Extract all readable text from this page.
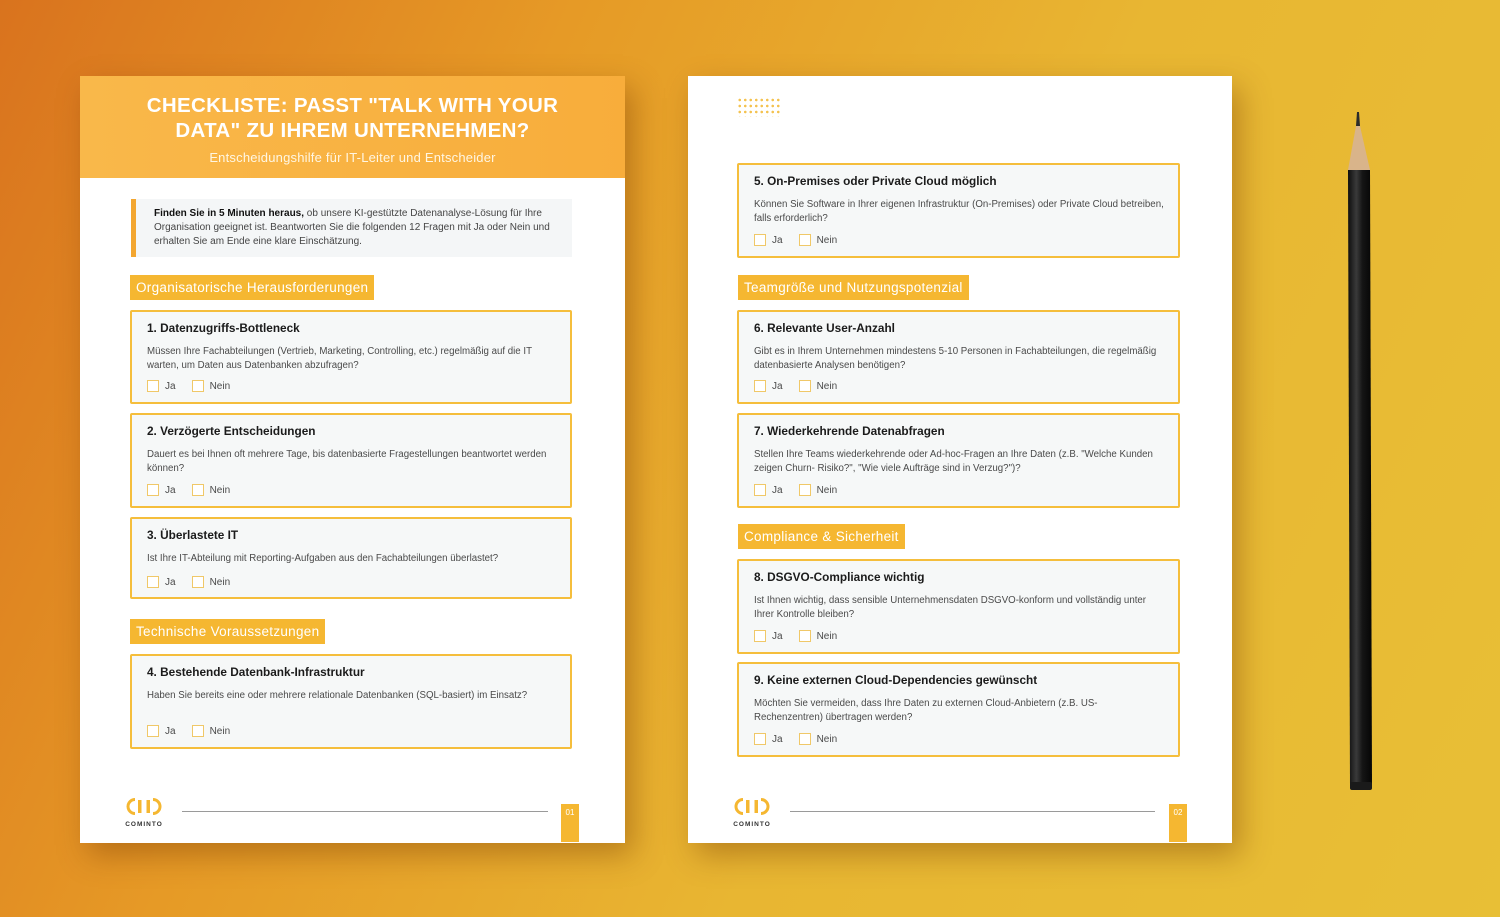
CHECKLISTE: PASST "TALK WITH YOUR DATA" ZU IHREM UNTERNEHMEN?
Entscheidungshilfe für IT-Leiter und Entscheider
Finden Sie in 5 Minuten heraus, ob unsere KI-gestützte Datenanalyse-Lösung für Ihre Organisation geeignet ist. Beantworten Sie die folgenden 12 Fragen mit Ja oder Nein und erhalten Sie am Ende eine klare Einschätzung.
Organisatorische Herausforderungen
1. Datenzugriffs-Bottleneck
Müssen Ihre Fachabteilungen (Vertrieb, Marketing, Controlling, etc.) regelmäßig auf die IT warten, um Daten aus Datenbanken abzufragen?
Ja	Nein
2. Verzögerte Entscheidungen
Dauert es bei Ihnen oft mehrere Tage, bis datenbasierte Fragestellungen beantwortet werden können?
Ja	Nein
3. Überlastete IT
Ist Ihre IT-Abteilung mit Reporting-Aufgaben aus den Fachabteilungen überlastet?
Ja	Nein
Technische Voraussetzungen
4. Bestehende Datenbank-Infrastruktur
Haben Sie bereits eine oder mehrere relationale Datenbanken (SQL-basiert) im Einsatz?
Ja	Nein
COMINTO
01
5. On-Premises oder Private Cloud möglich
Können Sie Software in Ihrer eigenen Infrastruktur (On-Premises) oder Private Cloud betreiben, falls erforderlich?
Ja	Nein
Teamgröße und Nutzungspotenzial
6. Relevante User-Anzahl
Gibt es in Ihrem Unternehmen mindestens 5-10 Personen in Fachabteilungen, die regelmäßig datenbasierte Analysen benötigen?
Ja	Nein
7. Wiederkehrende Datenabfragen
Stellen Ihre Teams wiederkehrende oder Ad-hoc-Fragen an Ihre Daten (z.B. "Welche Kunden zeigen Churn- Risiko?", "Wie viele Aufträge sind in Verzug?")?
Ja	Nein
Compliance & Sicherheit
8. DSGVO-Compliance wichtig
Ist Ihnen wichtig, dass sensible Unternehmensdaten DSGVO-konform und vollständig unter Ihrer Kontrolle bleiben?
Ja	Nein
9. Keine externen Cloud-Dependencies gewünscht
Möchten Sie vermeiden, dass Ihre Daten zu externen Cloud-Anbietern (z.B. US-Rechenzentren) übertragen werden?
Ja	Nein
COMINTO
02
